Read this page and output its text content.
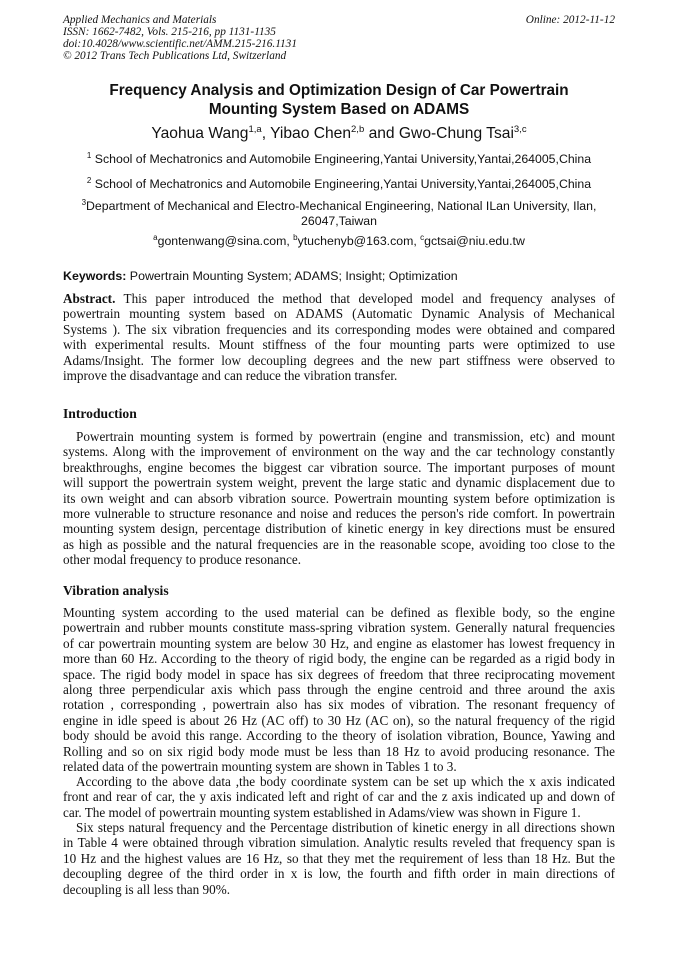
Applied Mechanics and Materials
ISSN: 1662-7482, Vols. 215-216, pp 1131-1135
doi:10.4028/www.scientific.net/AMM.215-216.1131
© 2012 Trans Tech Publications Ltd, Switzerland
Online: 2012-11-12
Frequency Analysis and Optimization Design of Car Powertrain
Mounting System Based on ADAMS
Yaohua Wang$^{1,a}$, Yibao Chen$^{2,b}$ and Gwo-Chung Tsai$^{3,c}$
$^1$ School of Mechatronics and Automobile Engineering,Yantai University,Yantai,264005,China
$^2$ School of Mechatronics and Automobile Engineering,Yantai University,Yantai,264005,China
$^3$Department of Mechanical and Electro-Mechanical Engineering, National ILan University, Ilan,
26047,Taiwan
$^a$gontenwang@sina.com, $^b$ytuchenyb@163.com, $^c$gctsai@niu.edu.tw
Keywords: Powertrain Mounting System; ADAMS; Insight; Optimization
Abstract. This paper introduced the method that developed model and frequency analyses of
powertrain mounting system based on ADAMS (Automatic Dynamic Analysis of Mechanical
Systems ). The six vibration frequencies and its corresponding modes were obtained and compared
with experimental results. Mount stiffness of the four mounting parts were optimized to use
Adams/Insight. The former low decoupling degrees and the new part stiffness were observed to
improve the disadvantage and can reduce the vibration transfer.
Introduction
Powertrain mounting system is formed by powertrain (engine and transmission, etc) and mount
systems. Along with the improvement of environment on the way and the car technology constantly
breakthroughs, engine becomes the biggest car vibration source. The important purposes of mount
will support the powertrain system weight, prevent the large static and dynamic displacement due to
its own weight and can absorb vibration source. Powertrain mounting system before optimization is
more vulnerable to structure resonance and noise and reduces the person's ride comfort. In powertrain
mounting system design, percentage distribution of kinetic energy in key directions must be ensured
as high as possible and the natural frequencies are in the reasonable scope, avoiding too close to the
other modal frequency to produce resonance.
Vibration analysis
Mounting system according to the used material can be defined as flexible body, so the engine
powertrain and rubber mounts constitute mass-spring vibration system. Generally natural frequencies
of car powertrain mounting system are below 30 Hz, and engine as elastomer has lowest frequency in
more than 60 Hz. According to the theory of rigid body, the engine can be regarded as a rigid body in
space. The rigid body model in space has six degrees of freedom that three reciprocating movement
along three perpendicular axis which pass through the engine centroid and three around the axis
rotation , corresponding , powertrain also has six modes of vibration. The resonant frequency of
engine in idle speed is about 26 Hz (AC off) to 30 Hz (AC on), so the natural frequency of the rigid
body should be avoid this range. According to the theory of isolation vibration, Bounce, Yawing and
Rolling and so on six rigid body mode must be less than 18 Hz to avoid producing resonance. The
related data of the powertrain mounting system are shown in Tables 1 to 3.
According to the above data ,the body coordinate system can be set up which the x axis indicated
front and rear of car, the y axis indicated left and right of car and the z axis indicated up and down of
car. The model of powertrain mounting system established in Adams/view was shown in Figure 1.
Six steps natural frequency and the Percentage distribution of kinetic energy in all directions shown
in Table 4 were obtained through vibration simulation. Analytic results reveled that frequency span is
10 Hz and the highest values are 16 Hz, so that they met the requirement of less than 18 Hz. But the
decoupling degree of the third order in x is low, the fourth and fifth order in main directions of
decoupling is all less than 90%.
